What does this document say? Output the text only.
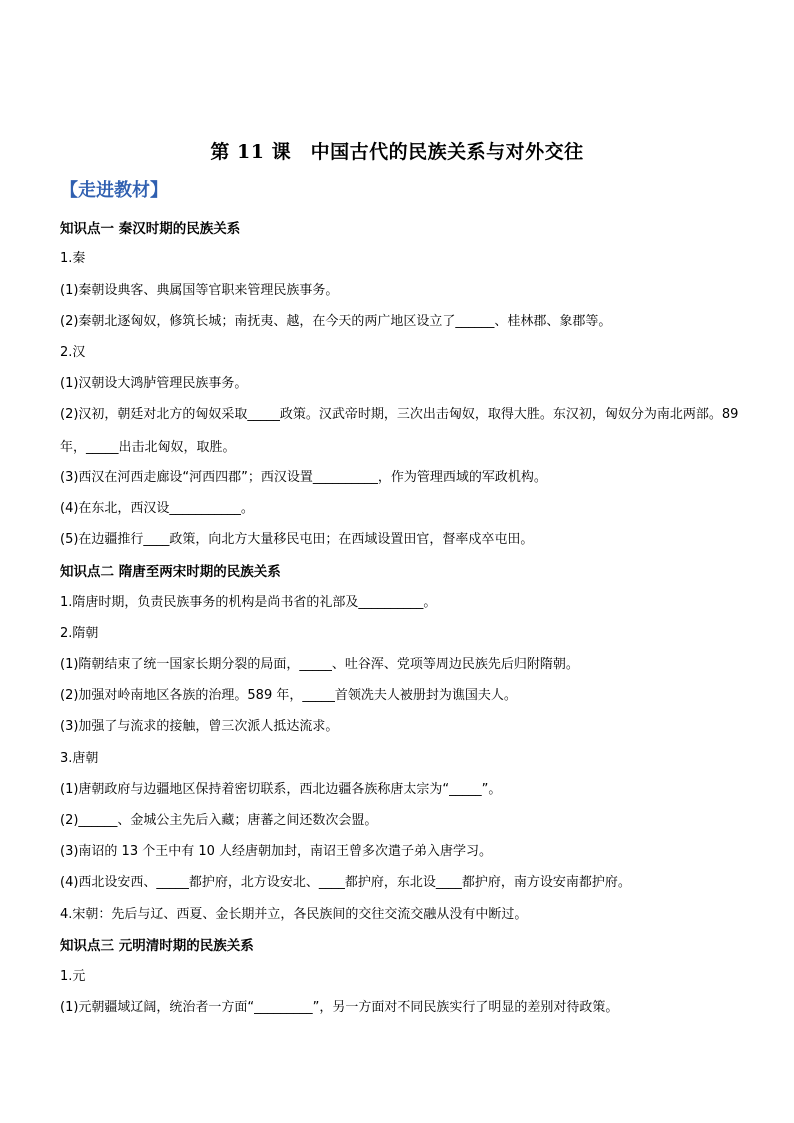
第 11 课　中国古代的民族关系与对外交往
【走进教材】
知识点一 秦汉时期的民族关系
1.秦
(1)秦朝设典客、典属国等官职来管理民族事务。
(2)秦朝北逐匈奴，修筑长城；南抚夷、越，在今天的两广地区设立了______、桂林郡、象郡等。
2.汉
(1)汉朝设大鸿胪管理民族事务。
(2)汉初，朝廷对北方的匈奴采取_____政策。汉武帝时期，三次出击匈奴，取得大胜。东汉初，匈奴分为南北两部。89 年，_____出击北匈奴，取胜。
(3)西汉在河西走廊设“河西四郡”；西汉设置__________，作为管理西域的军政机构。
(4)在东北，西汉设___________。
(5)在边疆推行____政策，向北方大量移民屯田；在西域设置田官，督率戍卒屯田。
知识点二 隋唐至两宋时期的民族关系
1.隋唐时期，负责民族事务的机构是尚书省的礼部及__________。
2.隋朝
(1)隋朝结束了统一国家长期分裂的局面，_____、吐谷浑、党项等周边民族先后归附隋朝。
(2)加强对岭南地区各族的治理。589 年，_____首领冼夫人被册封为谯国夫人。
(3)加强了与流求的接触，曾三次派人抵达流求。
3.唐朝
(1)唐朝政府与边疆地区保持着密切联系，西北边疆各族称唐太宗为“_____”。
(2)______、金城公主先后入藏；唐蕃之间还数次会盟。
(3)南诏的 13 个王中有 10 人经唐朝加封，南诏王曾多次遣子弟入唐学习。
(4)西北设安西、_____都护府，北方设安北、____都护府，东北设____都护府，南方设安南都护府。
4.宋朝：先后与辽、西夏、金长期并立，各民族间的交往交流交融从没有中断过。
知识点三 元明清时期的民族关系
1.元
(1)元朝疆域辽阔，统治者一方面“_________”，另一方面对不同民族实行了明显的差别对待政策。
